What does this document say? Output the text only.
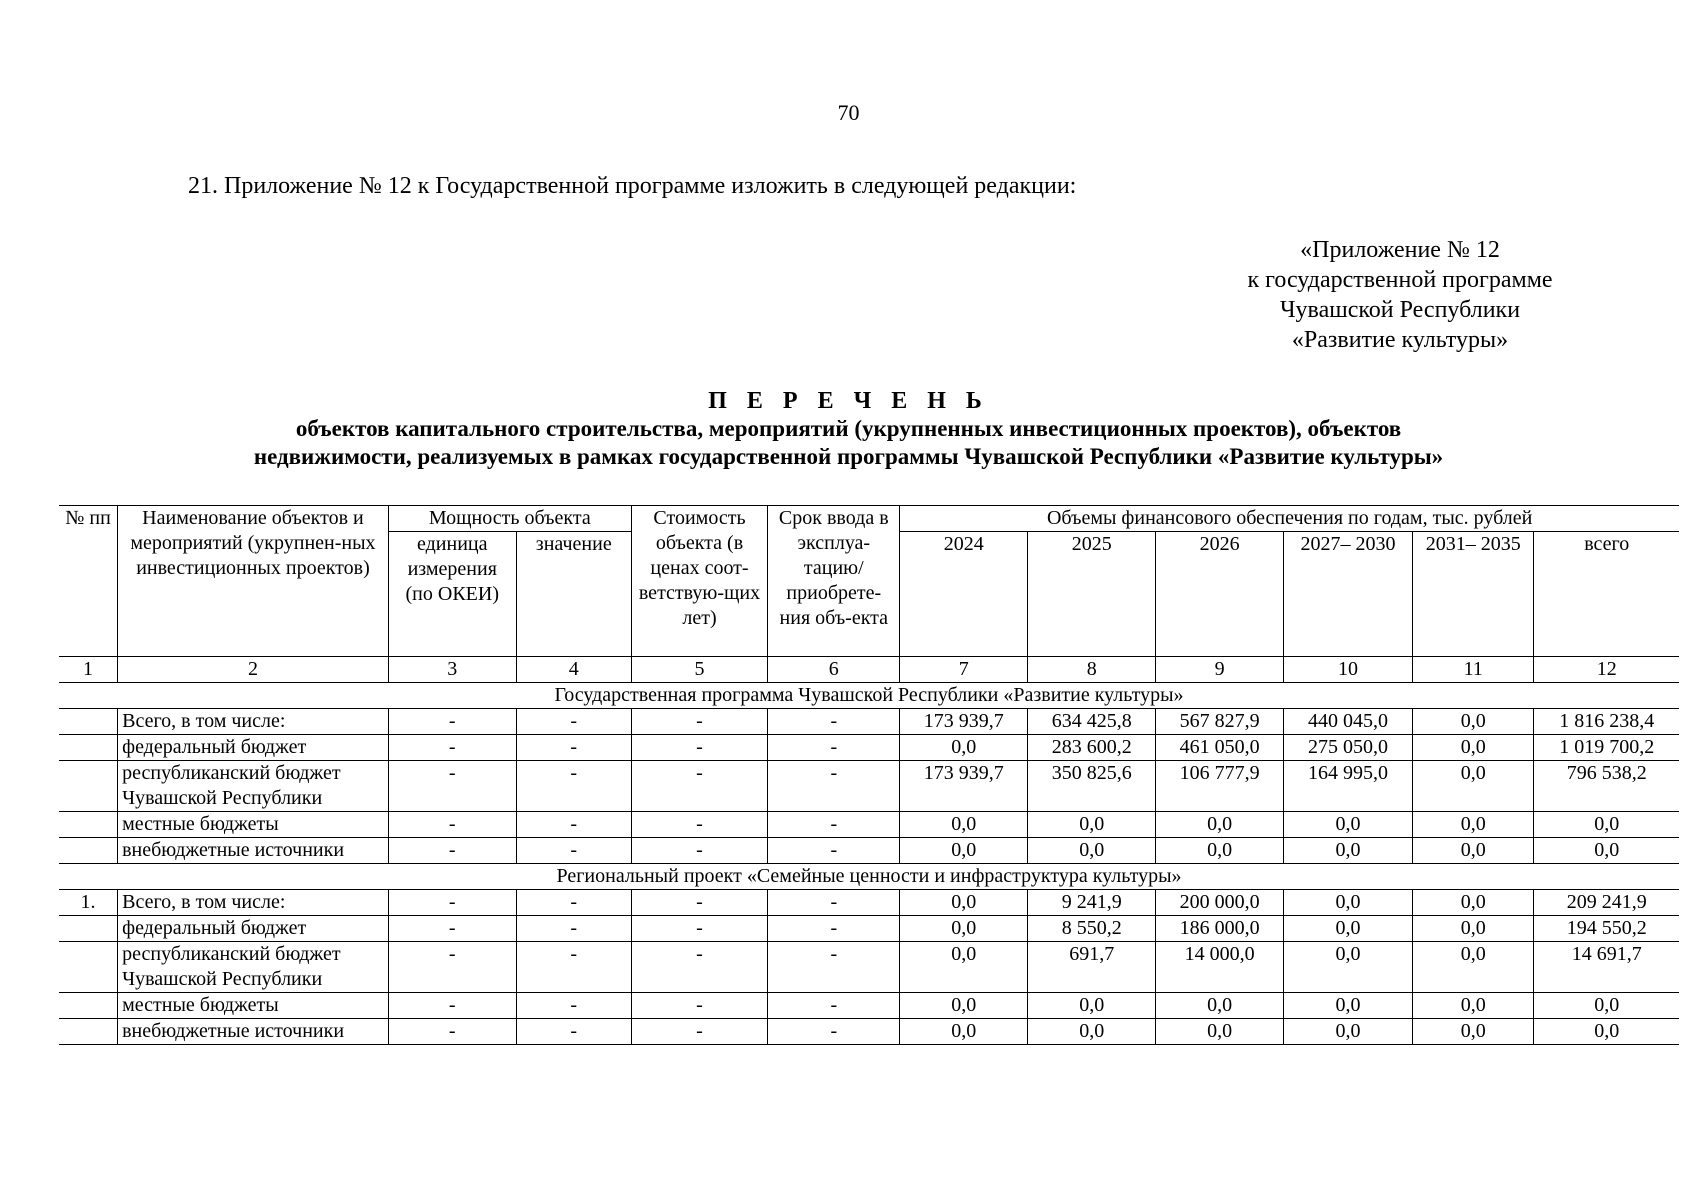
70
21. Приложение № 12 к Государственной программе изложить в следующей редакции:
«Приложение № 12
к государственной программе
Чувашской Республики
«Развитие культуры»
П Е Р Е Ч Е Н Ь
объектов капитального строительства, мероприятий (укрупненных инвестиционных проектов), объектов
недвижимости, реализуемых в рамках государственной программы Чувашской Республики «Развитие культуры»
№ пп	Наименование объектов и мероприятий (укрупнен-ных инвестиционных проектов)	Мощность объекта		Стоимость объекта (в ценах соот-ветствую-щих лет)	Срок ввода в эксплуа-тацию/ приобрете-ния объ-екта	Объемы финансового обеспечения по годам, тыс. рублей					
		единица измерения (по ОКЕИ)	значение			2024	2025	2026	2027– 2030	2031– 2035	всего
1	2	3	4	5	6	7	8	9	10	11	12
Государственная программа Чувашской Республики «Развитие культуры»											
	Всего, в том числе:	-	-	-	-	173 939,7	634 425,8	567 827,9	440 045,0	0,0	1 816 238,4
	федеральный бюджет	-	-	-	-	0,0	283 600,2	461 050,0	275 050,0	0,0	1 019 700,2
	республиканский бюджет Чувашской Республики	-	-	-	-	173 939,7	350 825,6	106 777,9	164 995,0	0,0	796 538,2
	местные бюджеты	-	-	-	-	0,0	0,0	0,0	0,0	0,0	0,0
	внебюджетные источники	-	-	-	-	0,0	0,0	0,0	0,0	0,0	0,0
Региональный проект «Семейные ценности и инфраструктура культуры»											
1.	Всего, в том числе:	-	-	-	-	0,0	9 241,9	200 000,0	0,0	0,0	209 241,9
	федеральный бюджет	-	-	-	-	0,0	8 550,2	186 000,0	0,0	0,0	194 550,2
	республиканский бюджет Чувашской Республики	-	-	-	-	0,0	691,7	14 000,0	0,0	0,0	14 691,7
	местные бюджеты	-	-	-	-	0,0	0,0	0,0	0,0	0,0	0,0
	внебюджетные источники	-	-	-	-	0,0	0,0	0,0	0,0	0,0	0,0
